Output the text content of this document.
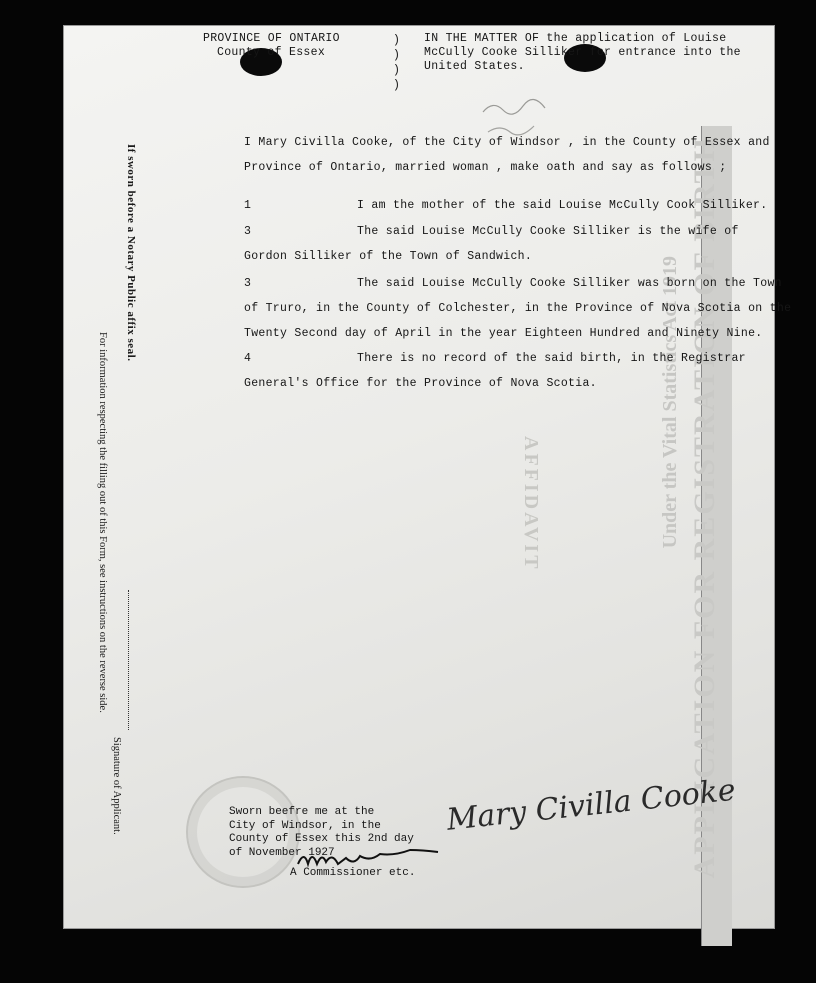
APPLICATION FOR REGISTRATION OF BIRTH
Under the Vital Statistics Act 1919
AFFIDAVIT
PROVINCE OF ONTARIO
County of Essex
)
)
)
)
IN THE MATTER OF the application of Louise
McCully Cooke Silliker for entrance into the
United States.
I Mary Civilla Cooke, of the City of Windsor , in the County of Essex and
Province of Ontario, married woman , make oath and say as follows ;
1	I am the mother of the said Louise McCully Cook Silliker.
3	The said Louise McCully Cooke Silliker is the wife of
Gordon Silliker of the Town of Sandwich.
3	The said Louise McCully Cooke Silliker was born on the Town
of Truro, in the County of Colchester, in the Province of Nova Scotia on the
Twenty Second day of April in the year Eighteen Hundred and Ninety Nine.
4	There is no record of the said birth, in the Registrar
General's Office for the Province of Nova Scotia.
If sworn before a Notary Public affix seal.
For information respecting the filling out of this Form, see instructions on the reverse side.
Signature of Applicant.	Sworn beefre me at the
City of Windsor, in the
County of Essex this 2nd day
of November 1927
A Commissioner etc.
Mary Civilla Cooke
